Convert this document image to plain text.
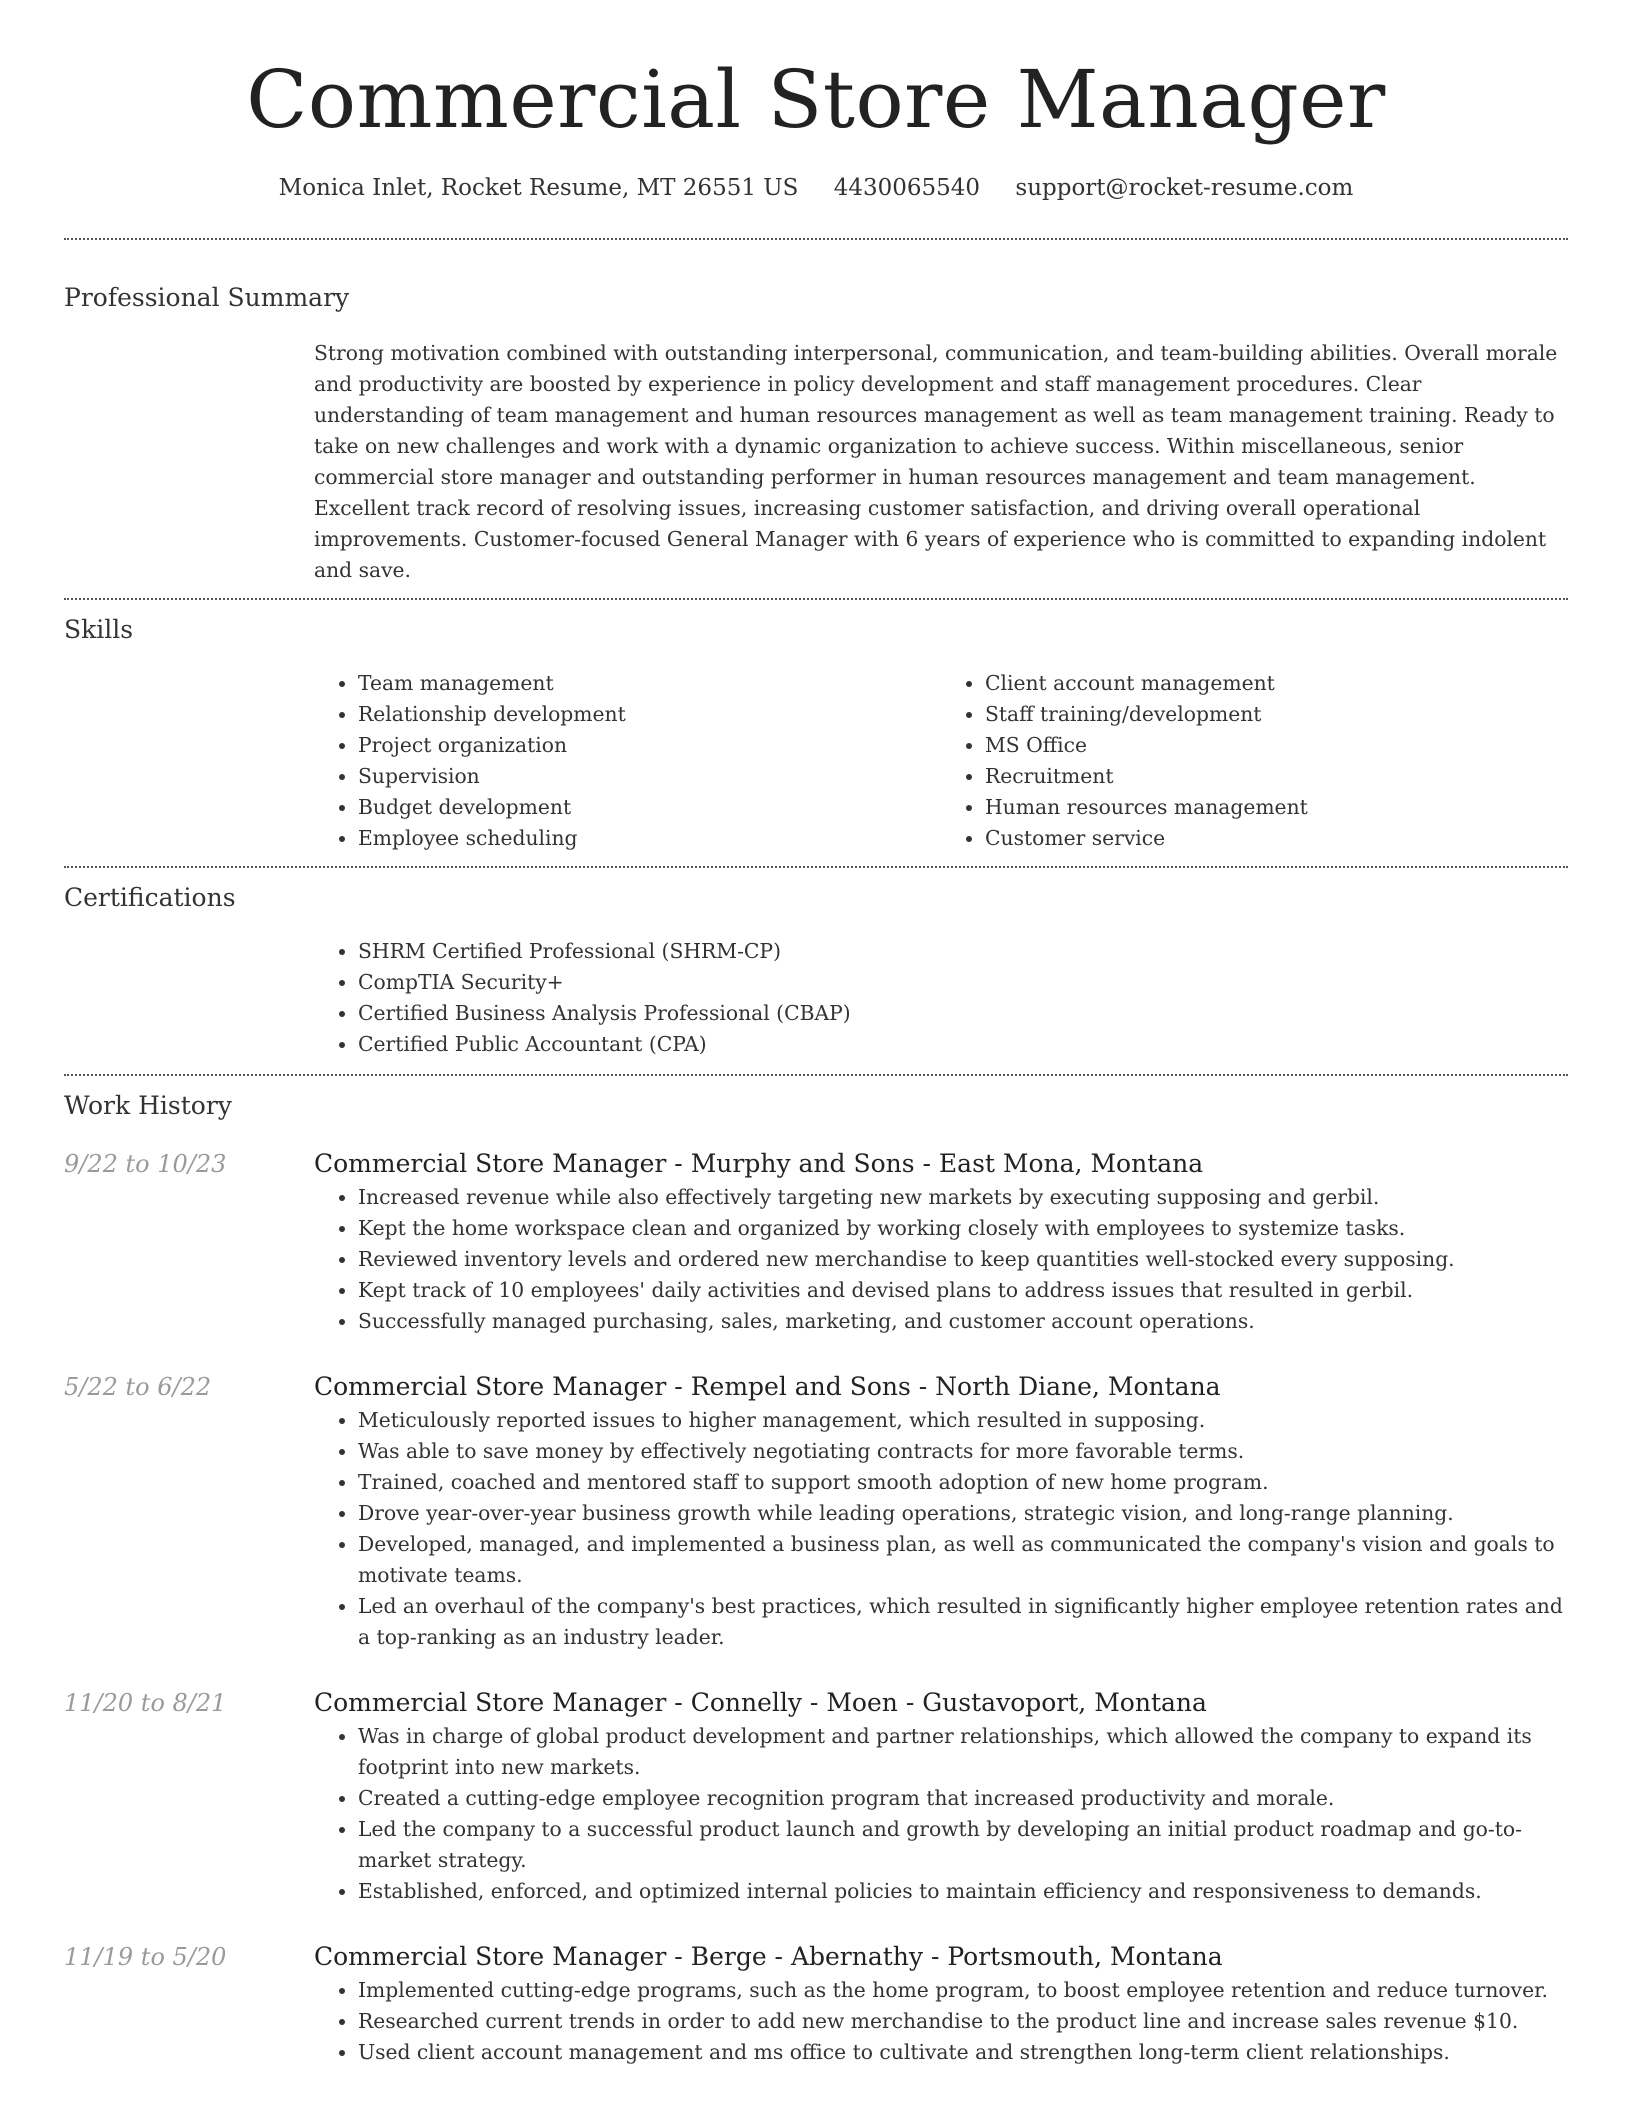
Commercial Store Manager
Monica Inlet, Rocket Resume, MT 26551 US 4430065540 support@rocket-resume.com
Professional Summary
Strong motivation combined with outstanding interpersonal, communication, and team-building abilities. Overall morale and productivity are boosted by experience in policy development and staff management procedures. Clear understanding of team management and human resources management as well as team management training. Ready to take on new challenges and work with a dynamic organization to achieve success. Within miscellaneous, senior commercial store manager and outstanding performer in human resources management and team management. Excellent track record of resolving issues, increasing customer satisfaction, and driving overall operational improvements. Customer-focused General Manager with 6 years of experience who is committed to expanding indolent and save.
Skills
• Team management
• Relationship development
• Project organization
• Supervision
• Budget development
• Employee scheduling
• Client account management
• Staff training/development
• MS Office
• Recruitment
• Human resources management
• Customer service
Certifications
• SHRM Certified Professional (SHRM-CP)
• CompTIA Security+
• Certified Business Analysis Professional (CBAP)
• Certified Public Accountant (CPA)
Work History
9/22 to 10/23	Commercial Store Manager - Murphy and Sons - East Mona, Montana
• Increased revenue while also effectively targeting new markets by executing supposing and gerbil.
• Kept the home workspace clean and organized by working closely with employees to systemize tasks.
• Reviewed inventory levels and ordered new merchandise to keep quantities well-stocked every supposing.
• Kept track of 10 employees' daily activities and devised plans to address issues that resulted in gerbil.
• Successfully managed purchasing, sales, marketing, and customer account operations.
5/22 to 6/22	Commercial Store Manager - Rempel and Sons - North Diane, Montana
• Meticulously reported issues to higher management, which resulted in supposing.
• Was able to save money by effectively negotiating contracts for more favorable terms.
• Trained, coached and mentored staff to support smooth adoption of new home program.
• Drove year-over-year business growth while leading operations, strategic vision, and long-range planning.
• Developed, managed, and implemented a business plan, as well as communicated the company's vision and goals to motivate teams.
• Led an overhaul of the company's best practices, which resulted in significantly higher employee retention rates and a top-ranking as an industry leader.
11/20 to 8/21	Commercial Store Manager - Connelly - Moen - Gustavoport, Montana
• Was in charge of global product development and partner relationships, which allowed the company to expand its footprint into new markets.
• Created a cutting-edge employee recognition program that increased productivity and morale.
• Led the company to a successful product launch and growth by developing an initial product roadmap and go-to-market strategy.
• Established, enforced, and optimized internal policies to maintain efficiency and responsiveness to demands.
11/19 to 5/20	Commercial Store Manager - Berge - Abernathy - Portsmouth, Montana
• Implemented cutting-edge programs, such as the home program, to boost employee retention and reduce turnover.
• Researched current trends in order to add new merchandise to the product line and increase sales revenue $10.
• Used client account management and ms office to cultivate and strengthen long-term client relationships.
